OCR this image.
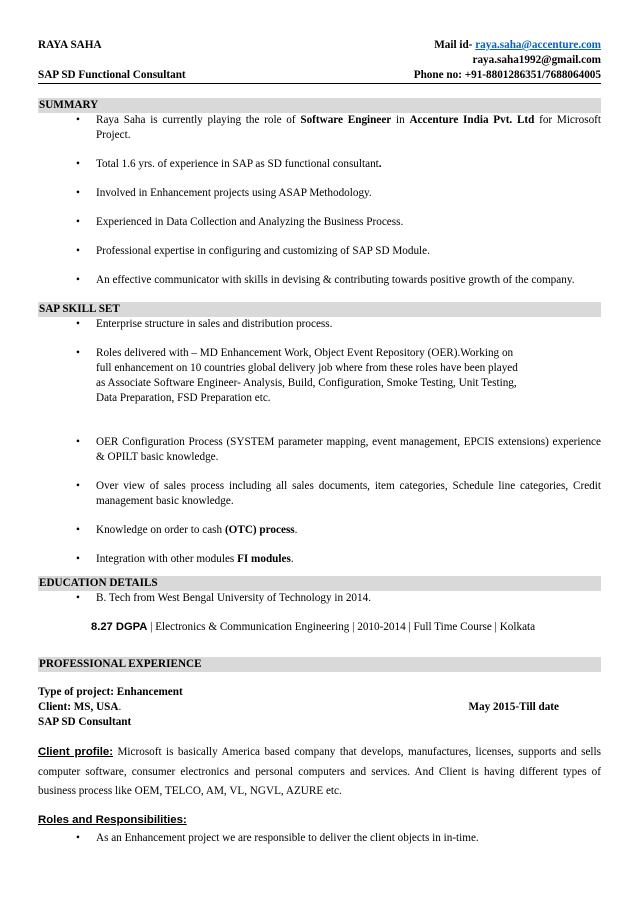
RAYA SAHA	Mail id- raya.saha@accenture.com
raya.saha1992@gmail.com
SAP SD Functional Consultant	Phone no: +91-8801286351/7688064005
SUMMARY
• Raya Saha is currently playing the role of Software Engineer in Accenture India Pvt. Ltd for Microsoft Project.
• Total 1.6 yrs. of experience in SAP as SD functional consultant.
• Involved in Enhancement projects using ASAP Methodology.
• Experienced in Data Collection and Analyzing the Business Process.
• Professional expertise in configuring and customizing of SAP SD Module.
• An effective communicator with skills in devising & contributing towards positive growth of the company.
SAP SKILL SET
• Enterprise structure in sales and distribution process.
• Roles delivered with – MD Enhancement Work, Object Event Repository (OER).Working on
full enhancement on 10 countries global delivery job where from these roles have been played
as Associate Software Engineer- Analysis, Build, Configuration, Smoke Testing, Unit Testing,
Data Preparation, FSD Preparation etc.
• OER Configuration Process (SYSTEM parameter mapping, event management, EPCIS extensions) experience & OPILT basic knowledge.
• Over view of sales process including all sales documents, item categories, Schedule line categories, Credit management basic knowledge.
• Knowledge on order to cash (OTC) process.
• Integration with other modules FI modules.
EDUCATION DETAILS
• B. Tech from West Bengal University of Technology in 2014.
8.27 DGPA | Electronics & Communication Engineering | 2010-2014 | Full Time Course | Kolkata
PROFESSIONAL EXPERIENCE
Type of project: Enhancement
Client: MS, USA.	May 2015-Till date
SAP SD Consultant

Client profile: Microsoft is basically America based company that develops, manufactures, licenses, supports and sells computer software, consumer electronics and personal computers and services. And Client is having different types of business process like OEM, TELCO, AM, VL, NGVL, AZURE etc.

Roles and Responsibilities:
• As an Enhancement project we are responsible to deliver the client objects in in-time.
